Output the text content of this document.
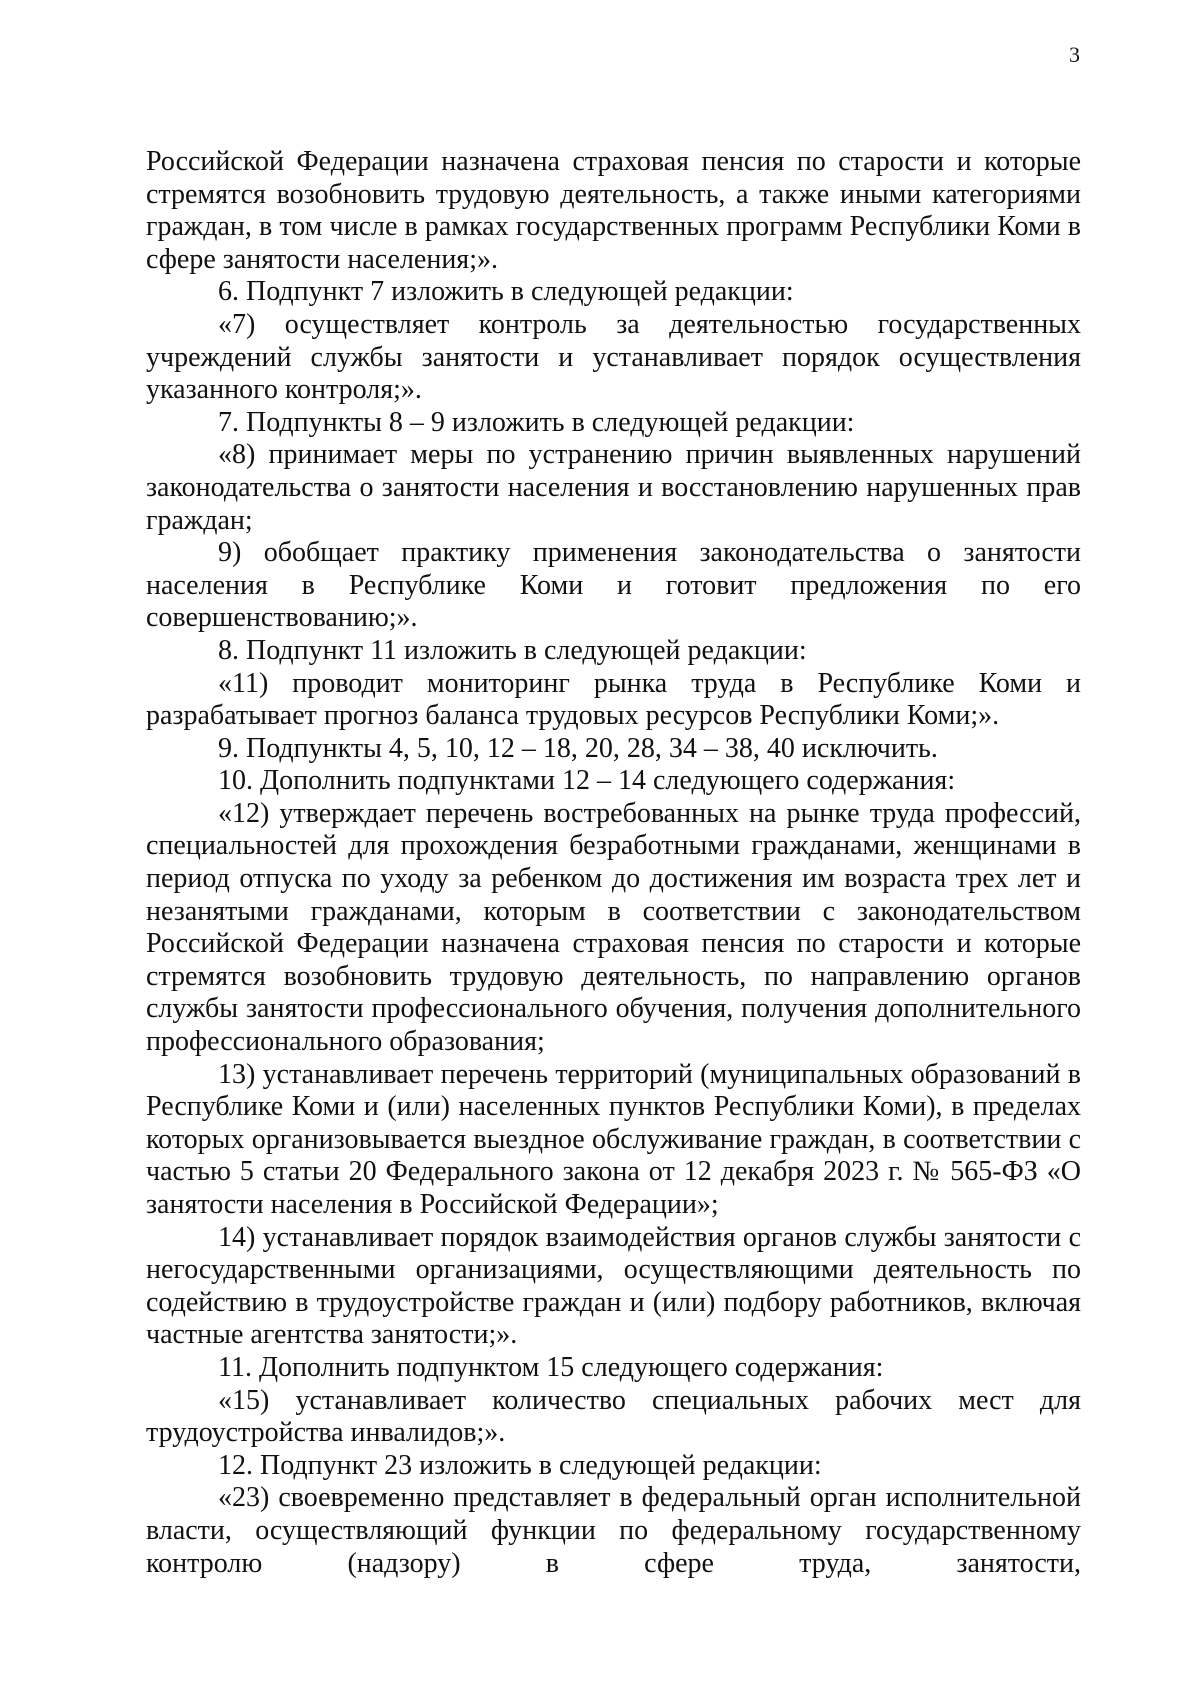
3

Российской Федерации назначена страховая пенсия по старости и которые стремятся возобновить трудовую деятельность, а также иными категориями граждан, в том числе в рамках государственных программ Республики Коми в сфере занятости населения;».

6. Подпункт 7 изложить в следующей редакции:

«7) осуществляет контроль за деятельностью государственных учреждений службы занятости и устанавливает порядок осуществления указанного контроля;».

7. Подпункты 8 – 9 изложить в следующей редакции:

«8) принимает меры по устранению причин выявленных нарушений законодательства о занятости населения и восстановлению нарушенных прав граждан;

9) обобщает практику применения законодательства о занятости населения в Республике Коми и готовит предложения по его совершенствованию;».

8. Подпункт 11 изложить в следующей редакции:

«11) проводит мониторинг рынка труда в Республике Коми и разрабатывает прогноз баланса трудовых ресурсов Республики Коми;».

9. Подпункты 4, 5, 10, 12 – 18, 20, 28, 34 – 38, 40 исключить.

10. Дополнить подпунктами 12 – 14 следующего содержания:

«12) утверждает перечень востребованных на рынке труда профессий, специальностей для прохождения безработными гражданами, женщинами в период отпуска по уходу за ребенком до достижения им возраста трех лет и незанятыми гражданами, которым в соответствии с законодательством Российской Федерации назначена страховая пенсия по старости и которые стремятся возобновить трудовую деятельность, по направлению органов службы занятости профессионального обучения, получения дополнительного профессионального образования;

13) устанавливает перечень территорий (муниципальных образований в Республике Коми и (или) населенных пунктов Республики Коми), в пределах которых организовывается выездное обслуживание граждан, в соответствии с частью 5 статьи 20 Федерального закона от 12 декабря 2023 г. № 565-ФЗ «О занятости населения в Российской Федерации»;

14) устанавливает порядок взаимодействия органов службы занятости с негосударственными организациями, осуществляющими деятельность по содействию в трудоустройстве граждан и (или) подбору работников, включая частные агентства занятости;».

11. Дополнить подпунктом 15 следующего содержания:

«15) устанавливает количество специальных рабочих мест для трудоустройства инвалидов;».

12. Подпункт 23 изложить в следующей редакции:

«23) своевременно представляет в федеральный орган исполнительной власти, осуществляющий функции по федеральному государственному контролю (надзору) в сфере труда, занятости,
